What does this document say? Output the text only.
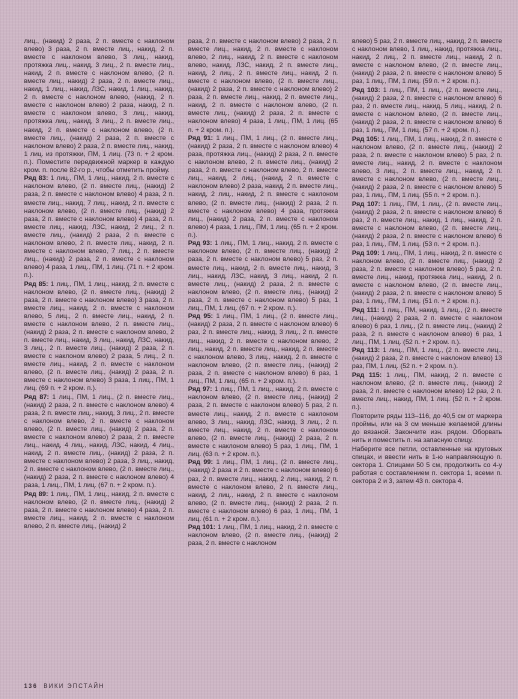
лиц., (накид) 2 раза, 2 п. вместе с наклоном влево) 3 раза, 2 п. вместе лиц., накид, 2 п. вместе с наклоном влево, 3 лиц., накид, протяжка лиц., накид, 3 лиц., 2 п. вместе лиц., накид, 2 п. вместе с наклоном влево, (2 п. вместе лиц., накид) 2 раза, 2 п. вместе лиц., накид, 1 лиц., накид, ЛЗС, накид, 1 лиц., накид, 2 п. вместе с наклоном влево, (накид, 2 п. вместе с наклоном влево) 2 раза, накид, 2 п. вместе с наклоном влево, 3 лиц., накид, протяжка лиц., накид, 3 лиц., 2 п. вместе лиц., накид, 2 п. вместе с наклоном влево, (2 п. вместе лиц., (накид) 2 раза, 2 п. вместе с наклоном влево) 2 раза, 2 п. вместе лиц., накид, 1 лиц. из протяжки, ПМ, 1 лиц. (73 п. + 2 кром. п.). Поместите передвижной маркер в каждую кром. п. после 82-го р., чтобы отметить пройму.

Ряд 83: 1 лиц., ПМ, 1 лиц., накид, 2 п. вместе с наклоном влево, (2 п. вместе лиц., (накид) 2 раза, 2 п. вместе с наклоном влево) 4 раза, 2 п. вместе лиц., накид, 7 лиц., накид, 2 п. вместе с наклоном влево, (2 п. вместе лиц., (накид) 2 раза, 2 п. вместе с наклоном влево) 4 раза, 2 п. вместе лиц., накид, ЛЗС, накид, 2 лиц., 2 п. вместе лиц., (накид) 2 раза, 2 п. вместе с наклоном влево, 2 п. вместе лиц., накид, 2 п. вместе с наклоном влево, 7 лиц., 2 п. вместе лиц., (накид) 2 раза, 2 п. вместе с наклоном влево) 4 раза, 1 лиц., ПМ, 1 лиц. (71 п. + 2 кром. п.).

Ряд 85: 1 лиц., ПМ, 1 лиц., накид, 2 п. вместе с наклоном влево, (2 п. вместе лиц., (накид) 2 раза, 2 п. вместе с наклоном влево) 3 раза, 2 п. вместе лиц., накид, 2 п. вместе с наклоном влево, 5 лиц., 2 п. вместе лиц., накид, 2 п. вместе с наклоном влево, 2 п. вместе лиц., (накид) 2 раза, 2 п. вместе с наклоном влево, 2 п. вместе лиц., накид, 3 лиц., накид, ЛЗС, накид, 3 лиц., 2 п. вместе лиц., (накид) 2 раза, 2 п. вместе с наклоном влево) 2 раза, 5 лиц., 2 п. вместе лиц., накид, 2 п. вместе с наклоном влево, (2 п. вместе лиц., (накид) 2 раза, 2 п. вместе с наклоном влево) 3 раза, 1 лиц., ПМ, 1 лиц. (69 п. + 2 кром. п.).

Ряд 87: 1 лиц., ПМ, 1 лиц., (2 п. вместе лиц., (накид) 2 раза, 2 п. вместе с наклоном влево) 4 раза, 2 п. вместе лиц., накид, 3 лиц., 2 п. вместе с наклоном влево, 2 п. вместе с наклоном влево, (2 п. вместе лиц., (накид) 2 раза, 2 п. вместе с наклоном влево) 2 раза, 2 п. вместе лиц., накид, 4 лиц., накид, ЛЗС, накид, 4 лиц., накид, 2 п. вместе лиц., (накид) 2 раза, 2 п. вместе с наклоном влево) 2 раза, 3 лиц., накид, 2 п. вместе с наклоном влево, (2 п. вместе лиц., (накид) 2 раза, 2 п. вместе с наклоном влево) 4 раза, 1 лиц., ПМ, 1 лиц. (67 п. + 2 кром. п.).

Ряд 89: 1 лиц., ПМ, 1 лиц., накид, 2 п. вместе с наклоном влево, (2 п. вместе лиц., (накид) 2 раза, 2 п. вместе с наклоном влево) 4 раза, 2 п. вместе лиц., накид, 2 п. вместе с наклоном влево, 2 п. вместе лиц., (накид) 2

раза, 2 п. вместе с наклоном влево) 2 раза, 2 п. вместе лиц., накид, 2 п. вместе с наклоном влево, 2 лиц., накид, 2 п. вместе с наклоном влево, накид, ЛЗС, накид, 2 п. вместе лиц., накид, 2 лиц., 2 п. вместе лиц., накид, 2 п. вместе с наклоном влево, (2 п. вместе лиц., (накид) 2 раза, 2 п. вместе с наклоном влево) 2 раза, 2 п. вместе лиц., накид, 2 п. вместе лиц., накид, 2 п. вместе с наклоном влево, (2 п. вместе лиц., (накид) 2 раза, 2 п. вместе с наклоном влево) 4 раза, 1 лиц., ПМ, 1 лиц. (65 п. + 2 кром. п.).

Ряд 91: 1 лиц., ПМ, 1 лиц., (2 п. вместе лиц., (накид) 2 раза, 2 п. вместе с наклоном влево) 4 раза, протяжка лиц., (накид) 2 раза, 2 п. вместе с наклоном влево, 2 п. вместе лиц., (накид) 2 раза, 2 п. вместе с наклоном влево, 2 п. вместе лиц., накид, 2 лиц., (накид, 2 п. вместе с наклоном влево) 2 раза, накид, 2 п. вместе лиц., накид, 2 лиц., накид, 2 п. вместе с наклоном влево, (2 п. вместе лиц., (накид) 2 раза, 2 п. вместе с наклоном влево) 4 раза, протяжка лиц., (накид) 2 раза, 2 п. вместе с наклоном влево) 4 раза, 1 лиц., ПМ, 1 лиц. (65 п. + 2 кром. п.).

Ряд 93: 1 лиц., ПМ, 1 лиц., накид, 2 п. вместе с наклоном влево, (2 п. вместе лиц., (накид) 2 раза, 2 п. вместе с наклоном влево) 5 раз, 2 п. вместе лиц., накид, 2 п. вместе лиц., накид, 3 лиц., накид, ЛЗС, накид, 3 лиц., накид, 2 п. вместе лиц., (накид) 2 раза, 2 п. вместе с наклоном влево, (2 п. вместе лиц., (накид) 2 раза, 2 п. вместе с наклоном влево) 5 раз, 1 лиц., ПМ, 1 лиц. (67 п. + 2 кром. п.).

Ряд 95: 1 лиц., ПМ, 1 лиц., (2 п. вместе лиц., (накид) 2 раза, 2 п. вместе с наклоном влево) 6 раз, 2 п. вместе лиц., накид, 3 лиц., 2 п. вместе лиц., накид, 2 п. вместе с наклоном влево, 2 лиц., накид, 2 п. вместе лиц., накид, 2 п. вместе с наклоном влево, 3 лиц., накид, 2 п. вместе с наклоном влево, (2 п. вместе лиц., (накид) 2 раза, 2 п. вместе с наклоном влево) 6 раз, 1 лиц., ПМ, 1 лиц. (65 п. + 2 кром. п.).

Ряд 97: 1 лиц., ПМ, 1 лиц., накид, 2 п. вместе с наклоном влево, (2 п. вместе лиц., (накид) 2 раза, 2 п. вместе с наклоном влево) 5 раз, 2 п. вместе лиц., накид, 2 п. вместе с наклоном влево, 3 лиц., накид, ЛЗС, накид, 3 лиц., 2 п. вместе лиц., накид, 2 п. вместе с наклоном влево, (2 п. вместе лиц., (накид) 2 раза, 2 п. вместе с наклоном влево) 5 раз, 1 лиц., ПМ, 1 лиц. (63 п. + 2 кром. п.).

Ряд 99: 1 лиц., ПМ, 1 лиц., (2 п. вместе лиц., (накид) 2 раза и 2 п. вместе с наклоном влево) 6 раз, 2 п. вместе лиц., накид, 2 лиц., накид, 2 п. вместе с наклоном влево, 2 п. вместе лиц., накид, 2 лиц., накид, 2 п. вместе с наклоном влево, (2 п. вместе лиц., (накид) 2 раза, 2 п. вместе с наклоном влево) 6 раз, 1 лиц., ПМ, 1 лиц. (61 п. + 2 кром. п.).

Ряд 101: 1 лиц., ПМ, 1 лиц., накид, 2 п. вместе с наклоном влево, (2 п. вместе лиц., (накид) 2 раза, 2 п. вместе с наклоном

влево) 5 раз, 2 п. вместе лиц., накид, 2 п. вместе с наклоном влево, 1 лиц., накид, протяжка лиц., накид, 2 лиц., 2 п. вместе лиц., накид, 2 п. вместе с наклоном влево, (2 п. вместе лиц., (накид) 2 раза, 2 п. вместе с наклоном влево) 5 раз, 1 лиц., ПМ, 1 лиц. (59 п. + 2 кром. п.).

Ряд 103: 1 лиц., ПМ, 1 лиц., (2 п. вместе лиц., (накид) 2 раза, 2 п. вместе с наклоном влево) 6 раз, 2 п. вместе лиц., накид, 5 лиц., накид, 2 п. вместе с наклоном влево, (2 п. вместе лиц., (накид) 2 раза, 2 п. вместе с наклоном влево) 6 раз, 1 лиц., ПМ, 1 лиц. (57 п. + 2 кром. п.).

Ряд 105: 1 лиц., ПМ, 1 лиц., накид, 2 п. вместе с наклоном влево, (2 п. вместе лиц., (накид) 2 раза, 2 п. вместе с наклоном влево) 5 раз, 2 п. вместе лиц., накид, 2 п. вместе с наклоном влево, 3 лиц., 2 п. вместе лиц., накид, 2 п. вместе с наклоном влево, (2 п. вместе лиц., (накид) 2 раза, 2 п. вместе с наклоном влево) 5 раз, 1 лиц., ПМ, 1 лиц. (55 п. + 2 кром. п.).

Ряд 107: 1 лиц., ПМ, 1 лиц., (2 п. вместе лиц., (накид) 2 раза, 2 п. вместе с наклоном влево) 6 раз, 2 п. вместе лиц., накид, 1 лиц., накид, 2 п. вместе с наклоном влево, (2 п. вместе лиц., (накид) 2 раза, 2 п. вместе с наклоном влево) 6 раз, 1 лиц., ПМ, 1 лиц. (53 п. + 2 кром. п.).

Ряд 109: 1 лиц., ПМ, 1 лиц., накид, 2 п. вместе с наклоном влево, (2 п. вместе лиц., (накид) 2 раза, 2 п. вместе с наклоном влево) 5 раз, 2 п. вместе лиц., накид, протяжка лиц., накид, 2 п. вместе с наклоном влево, (2 п. вместе лиц., (накид) 2 раза, 2 п. вместе с наклоном влево) 5 раз, 1 лиц., ПМ, 1 лиц. (51 п. + 2 кром. п.).

Ряд 111: 1 лиц., ПМ, накид, 1 лиц., (2 п. вместе лиц., (накид) 2 раза, 2 п. вместе с наклоном влево) 6 раз, 1 лиц., (2 п. вместе лиц., (накид) 2 раза, 2 п. вместе с наклоном влево) 6 раз, 1 лиц., ПМ, 1 лиц. (52 п. + 2 кром. п.).

Ряд 113: 1 лиц., ПМ, 1 лиц., (2 п. вместе лиц., (накид) 2 раза, 2 п. вместе с наклоном влево) 13 раз, ПМ, 1 лиц. (52 п. + 2 кром. п.).

Ряд 115: 1 лиц., ПМ, накид, 2 п. вместе с наклоном влево, (2 п. вместе лиц., (накид) 2 раза, 2 п. вместе с наклоном влево) 12 раз, 2 п. вместе лиц., накид, ПМ, 1 лиц. (52 п. + 2 кром. п.).

Повторите ряды 113–116, до 40,5 см от маркера проймы, или на 3 см меньше желаемой длины до вязаной. Закончите изн. рядом. Оборвать нить и поместить п. на запасную спицу.

Наберите все петли, оставленные на круговых спицах, и ввести нить в 1-ю направляющую п. сектора 1. Спицами 50 5 см, продолжить со 4-у работая с составлением п. сектора 1, всеми п. сектора 2 и 3, затем 43 п. сектора 4.

136 ВИКИ ЭПСТАЙН
